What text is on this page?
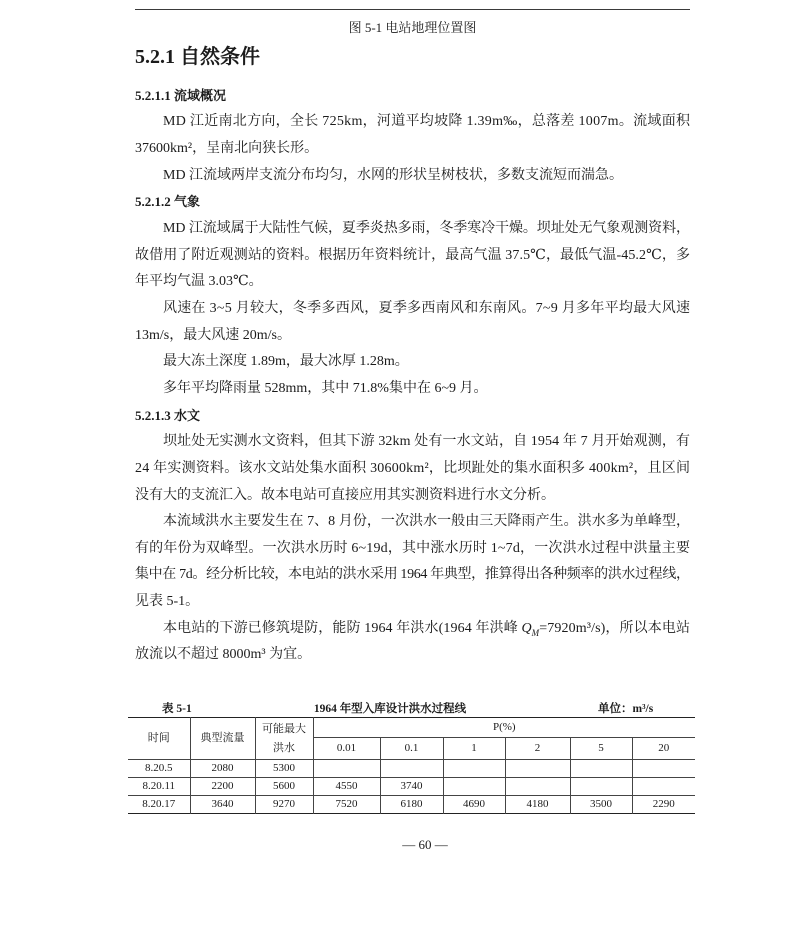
图 5-1 电站地理位置图
5.2.1 自然条件
5.2.1.1 流域概况
MD 江近南北方向，全长 725km，河道平均坡降 1.39m‰，总落差 1007m。流域面积
37600km²，呈南北向狭长形。
MD 江流域两岸支流分布均匀，水网的形状呈树枝状，多数支流短而湍急。
5.2.1.2 气象
MD 江流域属于大陆性气候，夏季炎热多雨，冬季寒冷干燥。坝址处无气象观测资料，
故借用了附近观测站的资料。根据历年资料统计，最高气温 37.5℃，最低气温-45.2℃，多
年平均气温 3.03℃。
风速在 3~5 月较大，冬季多西风，夏季多西南风和东南风。7~9 月多年平均最大风速
13m/s，最大风速 20m/s。
最大冻土深度 1.89m，最大冰厚 1.28m。
多年平均降雨量 528mm，其中 71.8%集中在 6~9 月。
5.2.1.3 水文
坝址处无实测水文资料，但其下游 32km 处有一水文站，自 1954 年 7 月开始观测，有
24 年实测资料。该水文站处集水面积 30600km²，比坝趾处的集水面积多 400km²，且区间
没有大的支流汇入。故本电站可直接应用其实测资料进行水文分析。
本流域洪水主要发生在 7、8 月份，一次洪水一般由三天降雨产生。洪水多为单峰型，
有的年份为双峰型。一次洪水历时 6~19d，其中涨水历时 1~7d，一次洪水过程中洪量主要
集中在 7d。经分析比较，本电站的洪水采用 1964 年典型，推算得出各种频率的洪水过程线，
见表 5-1。
本电站的下游已修筑堤防，能防 1964 年洪水(1964 年洪峰 $Q_M=7920m^3/s$)，所以本电站
放流以不超过 8000m³ 为宜。
表 5-1	1964 年型入库设计洪水过程线	单位：m³/s
时间	典型流量	可能最大
洪水	P(%)					
			0.01	0.1	1	2	5	20
8.20.5	2080	5300						
8.20.11	2200	5600	4550	3740				
8.20.17	3640	9270	7520	6180	4690	4180	3500	2290
— 60 —
